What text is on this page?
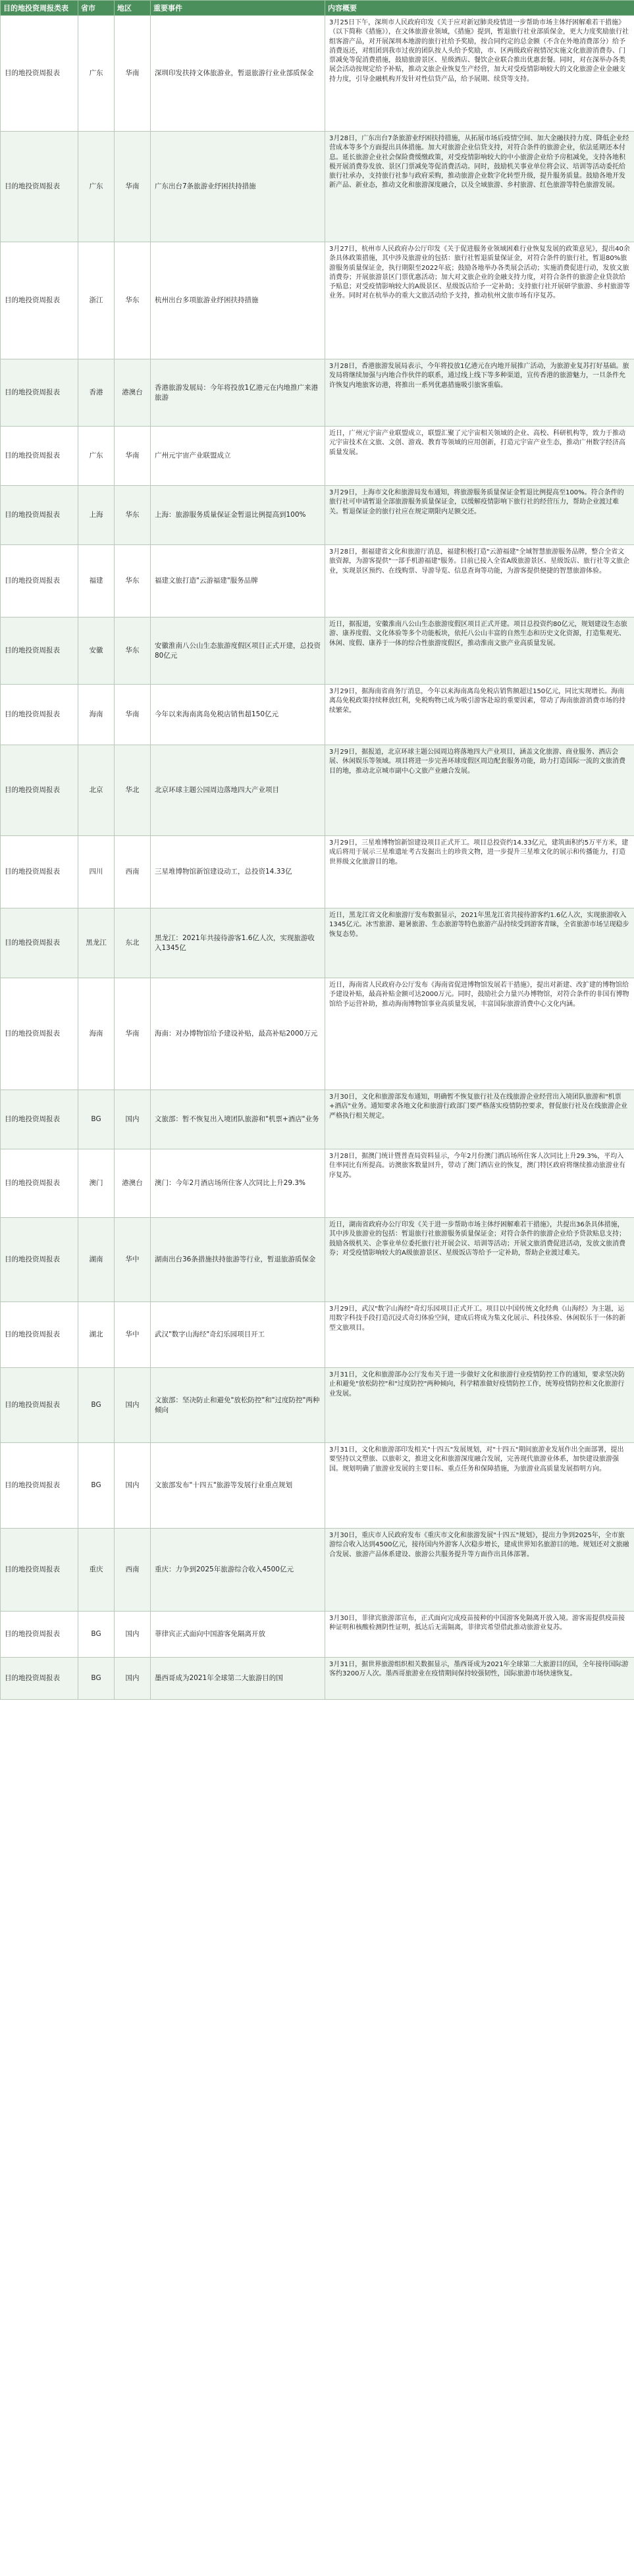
目的地投资周报类表	省市	地区	重要事件	内容概要
目的地投资周报表	广东	华南	深圳印发扶持文体旅游业，暂退旅游行业业部质保金	3月25日下午，深圳市人民政府印发《关于应对新冠肺炎疫情进一步帮助市场主体纾困解难若干措施》（以下简称《措施》），在文体旅游业领域，《措施》提到，暂退旅行社业部质保金，更大力度奖励旅行社组客游产品，对开展深圳本地游的旅行社给予奖励，按合同约定的总金额（不含在外地消费部分）给予消费返还，对组团到我市过夜的团队按人头给予奖励，市、区两级政府视情况实施文化旅游消费券、门票减免等促消费措施，鼓励旅游景区、星级酒店、餐饮企业联合推出优惠套餐。同时，对在深举办各类展会活动按规定给予补贴，推动文旅企业恢复生产经营，加大对受疫情影响较大的文化旅游企业金融支持力度，引导金融机构开发针对性信贷产品，给予展期、续贷等支持。
目的地投资周报表	广东	华南	广东出台7条旅游业纾困扶持措施	3月28日，广东出台7条旅游业纾困扶持措施，从拓展市场后疫情空间、加大金融扶持力度、降低企业经营成本等多个方面提出具体措施。加大对旅游企业信贷支持，对符合条件的旅游企业，依法延期还本付息。延长旅游企业社会保险费缓缴政策，对受疫情影响较大的中小旅游企业给予房租减免，支持各地积极开展消费券发放、景区门票减免等促消费活动。同时，鼓励机关事业单位将会议、培训等活动委托给旅行社承办，支持旅行社参与政府采购，推动旅游企业数字化转型升级，提升服务质量。鼓励各地开发新产品、新业态，推动文化和旅游深度融合，以及全域旅游、乡村旅游、红色旅游等特色旅游发展。
目的地投资周报表	浙江	华东	杭州出台多项旅游业纾困扶持措施	3月27日，杭州市人民政府办公厅印发《关于促进服务业领域困难行业恢复发展的政策意见》，提出40余条具体政策措施，其中涉及旅游业的包括：旅行社暂退质量保证金，对符合条件的旅行社，暂退80%旅游服务质量保证金，执行期限至2022年底；鼓励各地举办各类展会活动；实施消费促进行动，发放文旅消费券；开展旅游景区门票优惠活动；加大对文旅企业的金融支持力度，对符合条件的旅游企业贷款给予贴息；对受疫情影响较大的A级景区、星级饭店给予一定补助；支持旅行社开展研学旅游、乡村旅游等业务。同时对在杭举办的重大文旅活动给予支持，推动杭州文旅市场有序复苏。
目的地投资周报表	香港	港澳台	香港旅游发展局：今年将投放1亿港元在内地推广来港旅游	3月28日，香港旅游发展局表示，今年将投放1亿港元在内地开展推广活动，为旅游业复苏打好基础。旅发局将继续加强与内地合作伙伴的联系，通过线上线下等多种渠道，宣传香港的旅游魅力，一旦条件允许恢复内地旅客访港，将推出一系列优惠措施吸引旅客重临。
目的地投资周报表	广东	华南	广州元宇宙产业联盟成立	近日，广州元宇宙产业联盟成立，联盟汇聚了元宇宙相关领域的企业、高校、科研机构等，致力于推动元宇宙技术在文旅、文创、游戏、教育等领域的应用创新，打造元宇宙产业生态，推动广州数字经济高质量发展。
目的地投资周报表	上海	华东	上海：旅游服务质量保证金暂退比例提高到100%	3月29日，上海市文化和旅游局发布通知，将旅游服务质量保证金暂退比例提高至100%。符合条件的旅行社可申请暂退全部旅游服务质量保证金，以缓解疫情影响下旅行社的经营压力，帮助企业渡过难关。暂退保证金的旅行社应在规定期限内足额交还。
目的地投资周报表	福建	华东	福建文旅打造"云游福建"服务品牌	3月28日，据福建省文化和旅游厅消息，福建积极打造"云游福建"全域智慧旅游服务品牌，整合全省文旅资源，为游客提供"一部手机游福建"服务。目前已接入全省A级旅游景区、星级饭店、旅行社等文旅企业，实现景区预约、在线购票、导游导览、信息查询等功能，为游客提供便捷的智慧旅游体验。
目的地投资周报表	安徽	华东	安徽淮南八公山生态旅游度假区项目正式开建，总投资80亿元	近日，据报道，安徽淮南八公山生态旅游度假区项目正式开建。项目总投资约80亿元，规划建设生态旅游、康养度假、文化体验等多个功能板块，依托八公山丰富的自然生态和历史文化资源，打造集观光、休闲、度假、康养于一体的综合性旅游度假区，推动淮南文旅产业高质量发展。
目的地投资周报表	海南	华南	今年以来海南离岛免税店销售超150亿元	3月29日，据海南省商务厅消息，今年以来海南离岛免税店销售额超过150亿元，同比实现增长。海南离岛免税政策持续释放红利，免税购物已成为吸引游客赴琼的重要因素，带动了海南旅游消费市场的持续繁荣。
目的地投资周报表	北京	华北	北京环球主题公园周边落地四大产业项目	3月29日，据报道，北京环球主题公园周边将落地四大产业项目，涵盖文化旅游、商业服务、酒店会展、休闲娱乐等领域。项目将进一步完善环球度假区周边配套服务功能，助力打造国际一流的文旅消费目的地，推动北京城市副中心文旅产业融合发展。
目的地投资周报表	四川	西南	三星堆博物馆新馆建设动工，总投资14.33亿	3月29日，三星堆博物馆新馆建设项目正式开工。项目总投资约14.33亿元，建筑面积约5万平方米，建成后将用于展示三星堆遗址考古发掘出土的珍贵文物，进一步提升三星堆文化的展示和传播能力，打造世界级文化旅游目的地。
目的地投资周报表	黑龙江	东北	黑龙江：2021年共接待游客1.6亿人次，实现旅游收入1345亿	近日，黑龙江省文化和旅游厅发布数据显示，2021年黑龙江省共接待游客约1.6亿人次，实现旅游收入1345亿元。冰雪旅游、避暑旅游、生态旅游等特色旅游产品持续受到游客青睐，全省旅游市场呈现稳步恢复态势。
目的地投资周报表	海南	华南	海南：对办博物馆给予建设补贴，最高补贴2000万元	近日，海南省人民政府办公厅发布《海南省促进博物馆发展若干措施》，提出对新建、改扩建的博物馆给予建设补贴，最高补贴金额可达2000万元。同时，鼓励社会力量兴办博物馆，对符合条件的非国有博物馆给予运营补助，推动海南博物馆事业高质量发展，丰富国际旅游消费中心文化内涵。
目的地投资周报表	BG	国内	文旅部：暂不恢复出入境团队旅游和"机票+酒店"业务	3月30日，文化和旅游部发布通知，明确暂不恢复旅行社及在线旅游企业经营出入境团队旅游和"机票+酒店"业务。通知要求各地文化和旅游行政部门要严格落实疫情防控要求，督促旅行社及在线旅游企业严格执行相关规定。
目的地投资周报表	澳门	港澳台	澳门：今年2月酒店场所住客人次同比上升29.3%	3月28日，据澳门统计暨普查局资料显示，今年2月份澳门酒店场所住客人次同比上升29.3%，平均入住率同比有所提高。访澳旅客数量回升，带动了澳门酒店业的恢复，澳门特区政府将继续推动旅游业有序复苏。
目的地投资周报表	湖南	华中	湖南出台36条措施扶持旅游等行业，暂退旅游质保金	近日，湖南省政府办公厅印发《关于进一步帮助市场主体纾困解难若干措施》，共提出36条具体措施，其中涉及旅游业的包括：暂退旅行社旅游服务质量保证金；对符合条件的旅游企业给予贷款贴息支持；鼓励各级机关、企事业单位委托旅行社开展会议、培训等活动；开展文旅消费促进活动，发放文旅消费券；对受疫情影响较大的A级旅游景区、星级饭店等给予一定补助，帮助企业渡过难关。
目的地投资周报表	湖北	华中	武汉"数字山海经"奇幻乐园项目开工	3月29日，武汉"数字山海经"奇幻乐园项目正式开工。项目以中国传统文化经典《山海经》为主题，运用数字科技手段打造沉浸式奇幻体验空间，建成后将成为集文化展示、科技体验、休闲娱乐于一体的新型文旅项目。
目的地投资周报表	BG	国内	文旅部：坚决防止和避免"放松防控"和"过度防控"两种倾向	3月31日，文化和旅游部办公厅发布关于进一步做好文化和旅游行业疫情防控工作的通知，要求坚决防止和避免"放松防控"和"过度防控"两种倾向，科学精准做好疫情防控工作，统筹疫情防控和文化旅游行业发展。
目的地投资周报表	BG	国内	文旅部发布"十四五"旅游等发展行业重点规划	3月31日，文化和旅游部印发相关"十四五"发展规划，对"十四五"期间旅游业发展作出全面部署，提出要坚持以文塑旅、以旅彰文，推进文化和旅游深度融合发展，完善现代旅游业体系，加快建设旅游强国。规划明确了旅游业发展的主要目标、重点任务和保障措施，为旅游业高质量发展指明方向。
目的地投资周报表	重庆	西南	重庆：力争到2025年旅游综合收入4500亿元	3月30日，重庆市人民政府发布《重庆市文化和旅游发展"十四五"规划》，提出力争到2025年，全市旅游综合收入达到4500亿元，接待国内外游客人次稳步增长，建成世界知名旅游目的地。规划还对文旅融合发展、旅游产品体系建设、旅游公共服务提升等方面作出具体部署。
目的地投资周报表	BG	国内	菲律宾正式面向中国游客免隔离开放	3月30日，菲律宾旅游部宣布，正式面向完成疫苗接种的中国游客免隔离开放入境。游客需提供疫苗接种证明和核酸检测阴性证明，抵达后无需隔离，菲律宾希望借此推动旅游业复苏。
目的地投资周报表	BG	国内	墨西哥成为2021年全球第二大旅游目的国	3月31日，据世界旅游组织相关数据显示，墨西哥成为2021年全球第二大旅游目的国，全年接待国际游客约3200万人次。墨西哥旅游业在疫情期间保持较强韧性，国际旅游市场快速恢复。
